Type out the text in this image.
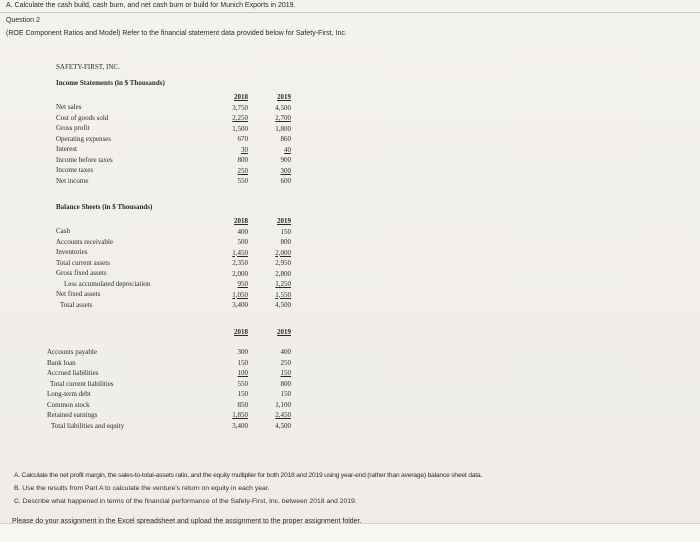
A. Calculate the cash build, cash burn, and net cash burn or build for Munich Exports in 2019.
Question 2
(ROE Component Ratios and Model) Refer to the financial statement data provided below for Safety-First, Inc.
SAFETY-FIRST, INC.
Income Statements (in $ Thousands)
Net sales
Cost of goods sold
Gross profit
Operating expenses
Interest
Income before taxes
Income taxes
Net income
2018
3,750
2,250
1,500
670
30
800
250
550
2019
4,500
2,700
1,800
860
40
900
300
600
Balance Sheets (in $ Thousands)
Cash
Accounts receivable
Inventories
Total current assets
Gross fixed assets
Less accumulated depreciation
Net fixed assets
Total assets
2018
400
500
1,450
2,350
2,000
950
1,050
3,400
2019
150
800
2,000
2,950
2,800
1,250
1,550
4,500
2018	2019
Accounts payable
Bank loan
Accrued liabilities
Total current liabilities
Long-term debt
Common stock
Retained earnings
Total liabilities and equity
300
150
100
550
150
850
1,850
3,400
400
250
150
800
150
1,100
2,450
4,500
A. Calculate the net profit margin, the sales-to-total-assets ratio, and the equity multiplier for both 2018 and 2019 using year-end (rather than average) balance sheet data.
B. Use the results from Part A to calculate the venture's return on equity in each year.
C. Describe what happened in terms of the financial performance of the Safety-First, Inc. between 2018 and 2019.
Please do your assignment in the Excel spreadsheet and upload the assignment to the proper assignment folder.
